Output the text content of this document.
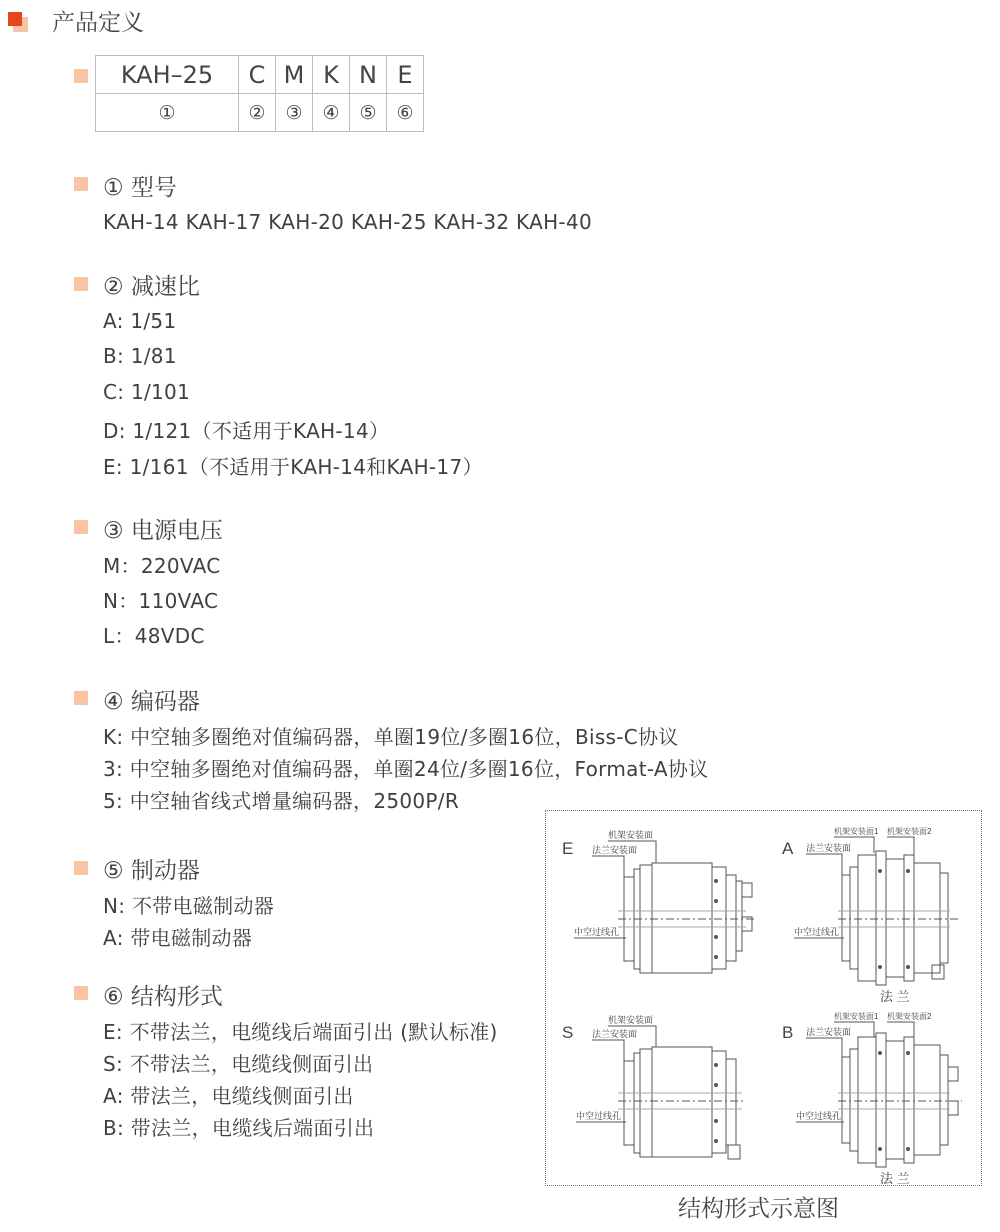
产品定义
KAH–25	C	M	K	N	E
①	②	③	④	⑤	⑥
① 型号
KAH-14 KAH-17 KAH-20 KAH-25 KAH-32 KAH-40
② 减速比
A: 1/51
B: 1/81
C: 1/101
D: 1/121（不适用于KAH-14）
E: 1/161（不适用于KAH-14和KAH-17）
③ 电源电压
M：220VAC
N：110VAC
L：48VDC
④ 编码器
K: 中空轴多圈绝对值编码器，单圈19位/多圈16位，Biss-C协议
3: 中空轴多圈绝对值编码器，单圈24位/多圈16位，Format-A协议
5: 中空轴省线式增量编码器，2500P/R
⑤ 制动器
N: 不带电磁制动器
A: 带电磁制动器
⑥ 结构形式
E: 不带法兰，电缆线后端面引出 (默认标准)
S: 不带法兰，电缆线侧面引出
A: 带法兰，电缆线侧面引出
B: 带法兰，电缆线后端面引出
E
机架安装面
法兰安装面
中空过线孔
A
机架安装面1 机架安装面2
法兰安装面
中空过线孔
法 兰
S
机架安装面
法兰安装面
中空过线孔
B
机架安装面1 机架安装面2
法兰安装面
中空过线孔
法 兰
结构形式示意图
